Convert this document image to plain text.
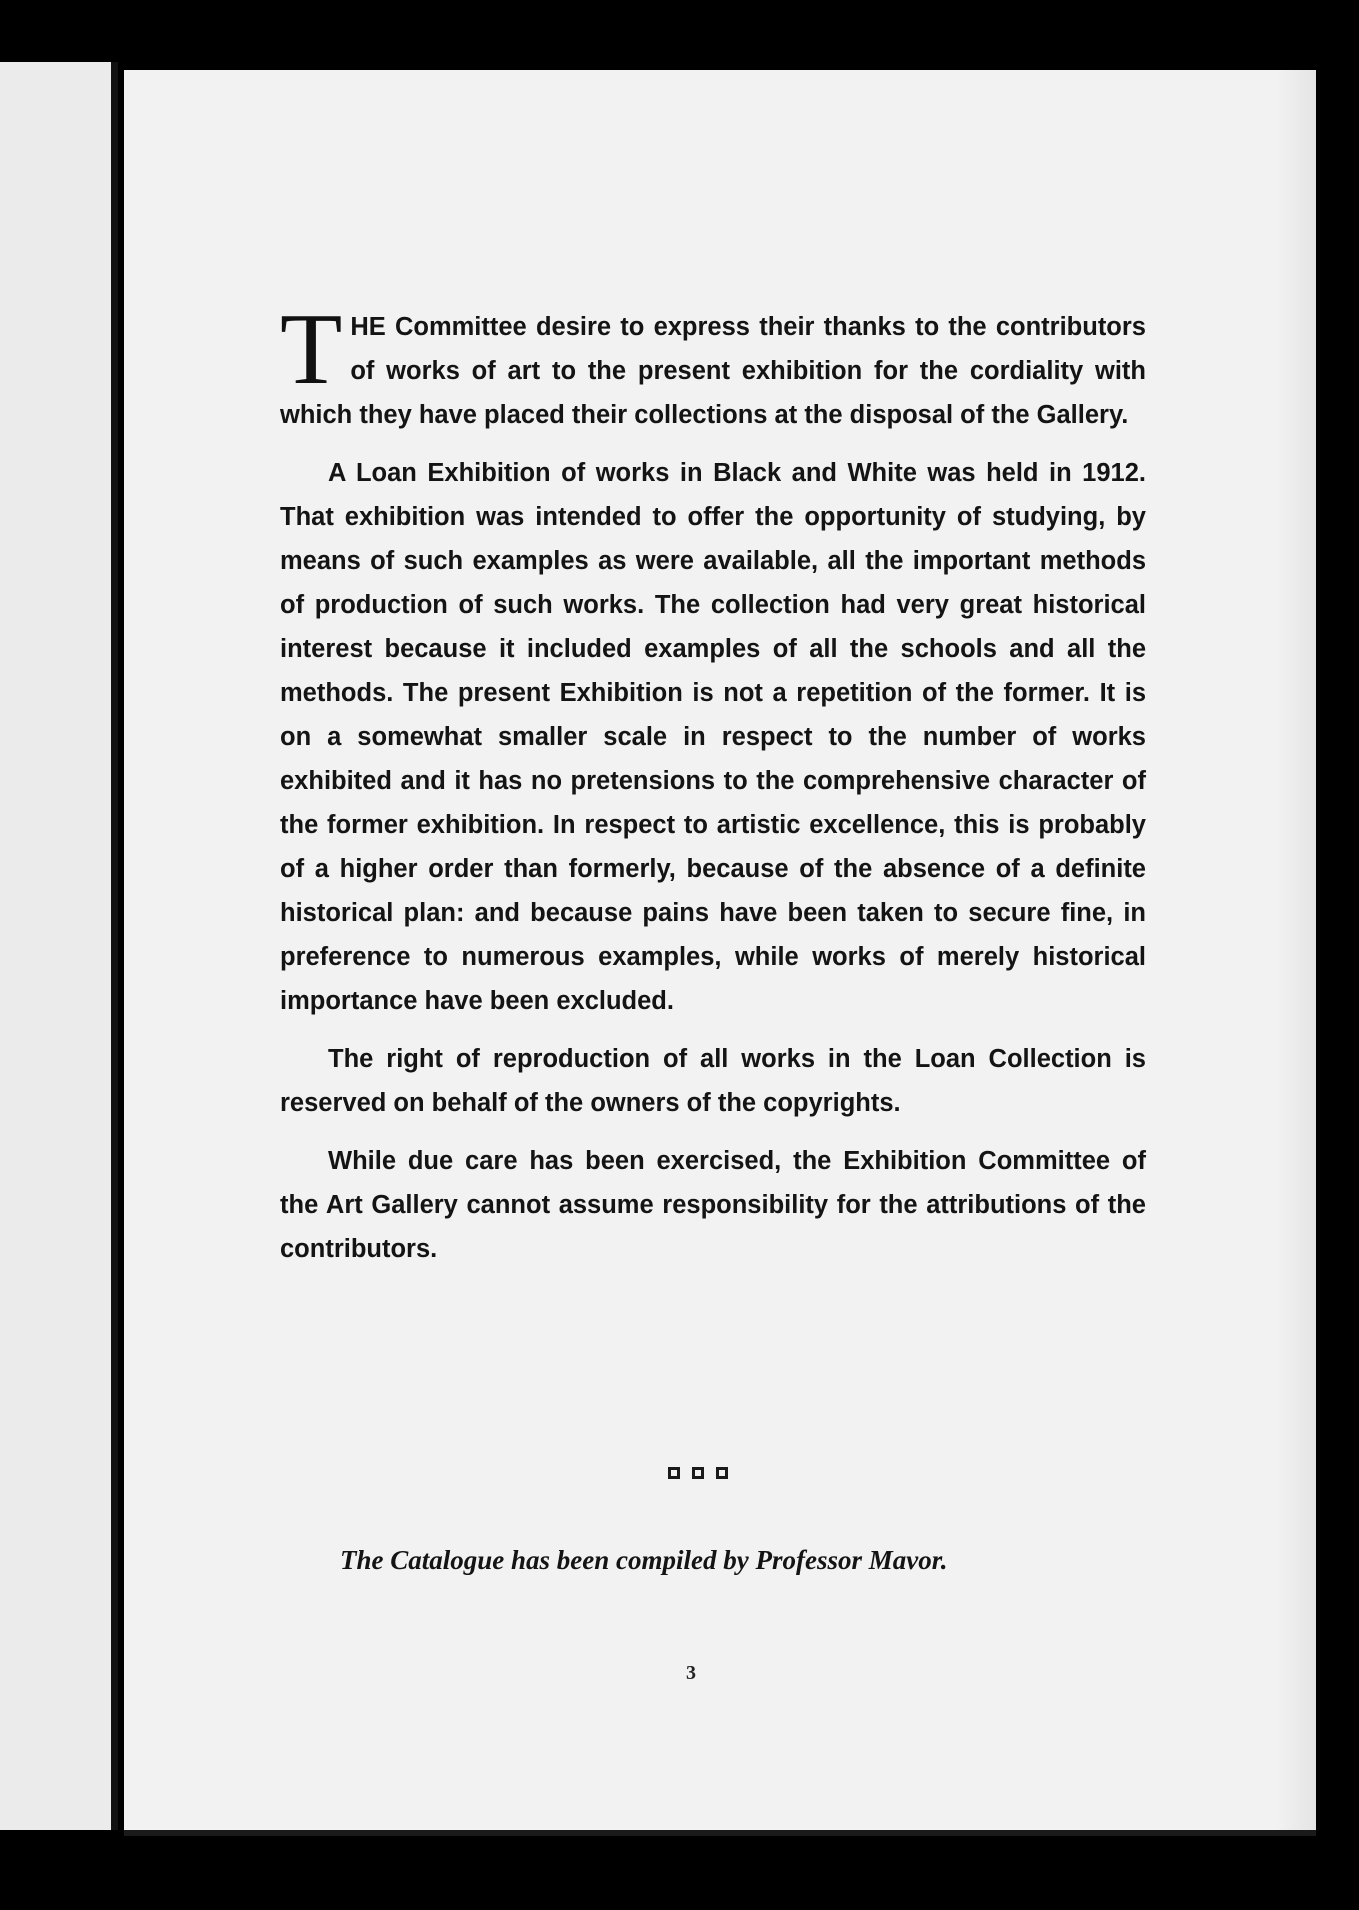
THE Committee desire to express their thanks to the contributors of works of art to the present exhibition for the cordiality with which they have placed their collections at the disposal of the Gallery.

A Loan Exhibition of works in Black and White was held in 1912. That exhibition was intended to offer the opportunity of studying, by means of such examples as were available, all the important methods of production of such works. The collection had very great historical interest because it included examples of all the schools and all the methods. The present Exhibition is not a repetition of the former. It is on a somewhat smaller scale in respect to the number of works exhibited and it has no pretensions to the comprehensive character of the former exhibition. In respect to artistic excellence, this is probably of a higher order than formerly, because of the absence of a definite historical plan: and because pains have been taken to secure fine, in preference to numerous examples, while works of merely historical importance have been excluded.

The right of reproduction of all works in the Loan Collection is reserved on behalf of the owners of the copyrights.

While due care has been exercised, the Exhibition Committee of the Art Gallery cannot assume responsibility for the attributions of the contributors.

The Catalogue has been compiled by Professor Mavor.
3
